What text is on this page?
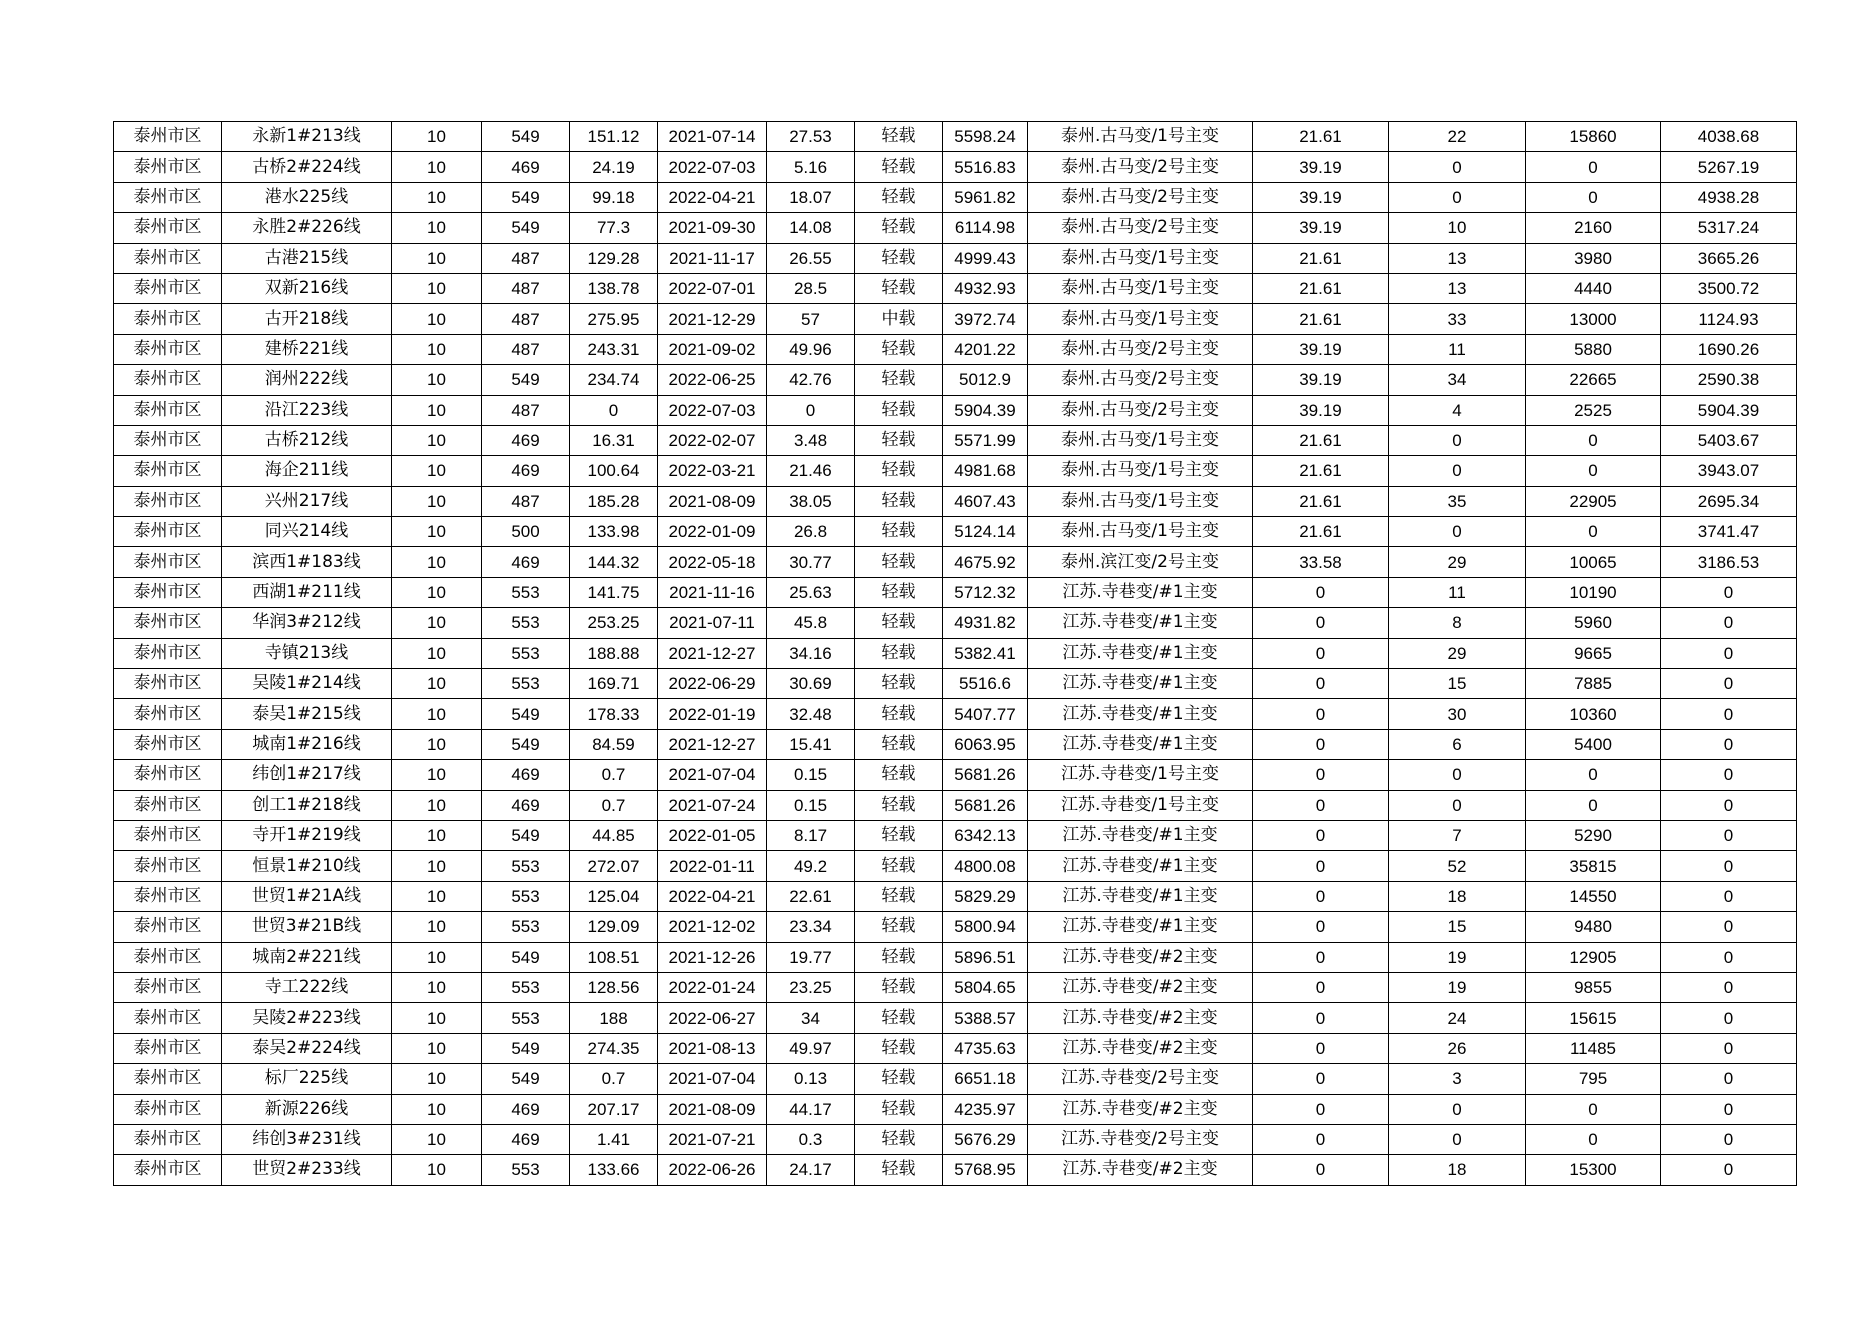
泰州市区	永新1#213线	10	549	151.12	2021-07-14	27.53	轻载	5598.24	泰州.古马变/1号主变	21.61	22	15860	4038.68
泰州市区	古桥2#224线	10	469	24.19	2022-07-03	5.16	轻载	5516.83	泰州.古马变/2号主变	39.19	0	0	5267.19
泰州市区	港水225线	10	549	99.18	2022-04-21	18.07	轻载	5961.82	泰州.古马变/2号主变	39.19	0	0	4938.28
泰州市区	永胜2#226线	10	549	77.3	2021-09-30	14.08	轻载	6114.98	泰州.古马变/2号主变	39.19	10	2160	5317.24
泰州市区	古港215线	10	487	129.28	2021-11-17	26.55	轻载	4999.43	泰州.古马变/1号主变	21.61	13	3980	3665.26
泰州市区	双新216线	10	487	138.78	2022-07-01	28.5	轻载	4932.93	泰州.古马变/1号主变	21.61	13	4440	3500.72
泰州市区	古开218线	10	487	275.95	2021-12-29	57	中载	3972.74	泰州.古马变/1号主变	21.61	33	13000	1124.93
泰州市区	建桥221线	10	487	243.31	2021-09-02	49.96	轻载	4201.22	泰州.古马变/2号主变	39.19	11	5880	1690.26
泰州市区	润州222线	10	549	234.74	2022-06-25	42.76	轻载	5012.9	泰州.古马变/2号主变	39.19	34	22665	2590.38
泰州市区	沿江223线	10	487	0	2022-07-03	0	轻载	5904.39	泰州.古马变/2号主变	39.19	4	2525	5904.39
泰州市区	古桥212线	10	469	16.31	2022-02-07	3.48	轻载	5571.99	泰州.古马变/1号主变	21.61	0	0	5403.67
泰州市区	海企211线	10	469	100.64	2022-03-21	21.46	轻载	4981.68	泰州.古马变/1号主变	21.61	0	0	3943.07
泰州市区	兴州217线	10	487	185.28	2021-08-09	38.05	轻载	4607.43	泰州.古马变/1号主变	21.61	35	22905	2695.34
泰州市区	同兴214线	10	500	133.98	2022-01-09	26.8	轻载	5124.14	泰州.古马变/1号主变	21.61	0	0	3741.47
泰州市区	滨西1#183线	10	469	144.32	2022-05-18	30.77	轻载	4675.92	泰州.滨江变/2号主变	33.58	29	10065	3186.53
泰州市区	西湖1#211线	10	553	141.75	2021-11-16	25.63	轻载	5712.32	江苏.寺巷变/#1主变	0	11	10190	0
泰州市区	华润3#212线	10	553	253.25	2021-07-11	45.8	轻载	4931.82	江苏.寺巷变/#1主变	0	8	5960	0
泰州市区	寺镇213线	10	553	188.88	2021-12-27	34.16	轻载	5382.41	江苏.寺巷变/#1主变	0	29	9665	0
泰州市区	吴陵1#214线	10	553	169.71	2022-06-29	30.69	轻载	5516.6	江苏.寺巷变/#1主变	0	15	7885	0
泰州市区	泰吴1#215线	10	549	178.33	2022-01-19	32.48	轻载	5407.77	江苏.寺巷变/#1主变	0	30	10360	0
泰州市区	城南1#216线	10	549	84.59	2021-12-27	15.41	轻载	6063.95	江苏.寺巷变/#1主变	0	6	5400	0
泰州市区	纬创1#217线	10	469	0.7	2021-07-04	0.15	轻载	5681.26	江苏.寺巷变/1号主变	0	0	0	0
泰州市区	创工1#218线	10	469	0.7	2021-07-24	0.15	轻载	5681.26	江苏.寺巷变/1号主变	0	0	0	0
泰州市区	寺开1#219线	10	549	44.85	2022-01-05	8.17	轻载	6342.13	江苏.寺巷变/#1主变	0	7	5290	0
泰州市区	恒景1#210线	10	553	272.07	2022-01-11	49.2	轻载	4800.08	江苏.寺巷变/#1主变	0	52	35815	0
泰州市区	世贸1#21A线	10	553	125.04	2022-04-21	22.61	轻载	5829.29	江苏.寺巷变/#1主变	0	18	14550	0
泰州市区	世贸3#21B线	10	553	129.09	2021-12-02	23.34	轻载	5800.94	江苏.寺巷变/#1主变	0	15	9480	0
泰州市区	城南2#221线	10	549	108.51	2021-12-26	19.77	轻载	5896.51	江苏.寺巷变/#2主变	0	19	12905	0
泰州市区	寺工222线	10	553	128.56	2022-01-24	23.25	轻载	5804.65	江苏.寺巷变/#2主变	0	19	9855	0
泰州市区	吴陵2#223线	10	553	188	2022-06-27	34	轻载	5388.57	江苏.寺巷变/#2主变	0	24	15615	0
泰州市区	泰吴2#224线	10	549	274.35	2021-08-13	49.97	轻载	4735.63	江苏.寺巷变/#2主变	0	26	11485	0
泰州市区	标厂225线	10	549	0.7	2021-07-04	0.13	轻载	6651.18	江苏.寺巷变/2号主变	0	3	795	0
泰州市区	新源226线	10	469	207.17	2021-08-09	44.17	轻载	4235.97	江苏.寺巷变/#2主变	0	0	0	0
泰州市区	纬创3#231线	10	469	1.41	2021-07-21	0.3	轻载	5676.29	江苏.寺巷变/2号主变	0	0	0	0
泰州市区	世贸2#233线	10	553	133.66	2022-06-26	24.17	轻载	5768.95	江苏.寺巷变/#2主变	0	18	15300	0
